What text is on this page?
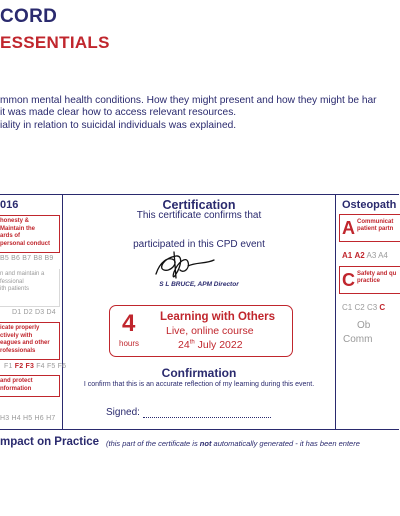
CORD
ESSENTIALS
mmon mental health conditions. How they might present and how they might be har
it was made clear how to access relevant resources.
iality in relation to suicidal individuals was explained.
016
honesty &
Maintain the
ards of
personal conduct
B5 B6 B7 B8 B9
n and maintain a
fessional
ith patients
D1 D2 D3 D4
icate properly
ctively with
eagues and other
rofessionals
F1 F2 F3 F4 F5 F6
and protect
nformation
H3 H4 H5 H6 H7
Certification
This certificate confirms that
participated in this CPD event
S L BRUCE, APM Director
4
hours
Learning with Others
Live, online course
24th July 2022
Confirmation
I confirm that this is an accurate reflection of my learning during this event.
Signed:
Osteopath
A Communicat
patient partn
A1 A2 A3 A4
C Safety and qu
practice
C1 C2 C3 C
Ob
Comm
mpact on Practice (this part of the certificate is not automatically generated - it has been entere
